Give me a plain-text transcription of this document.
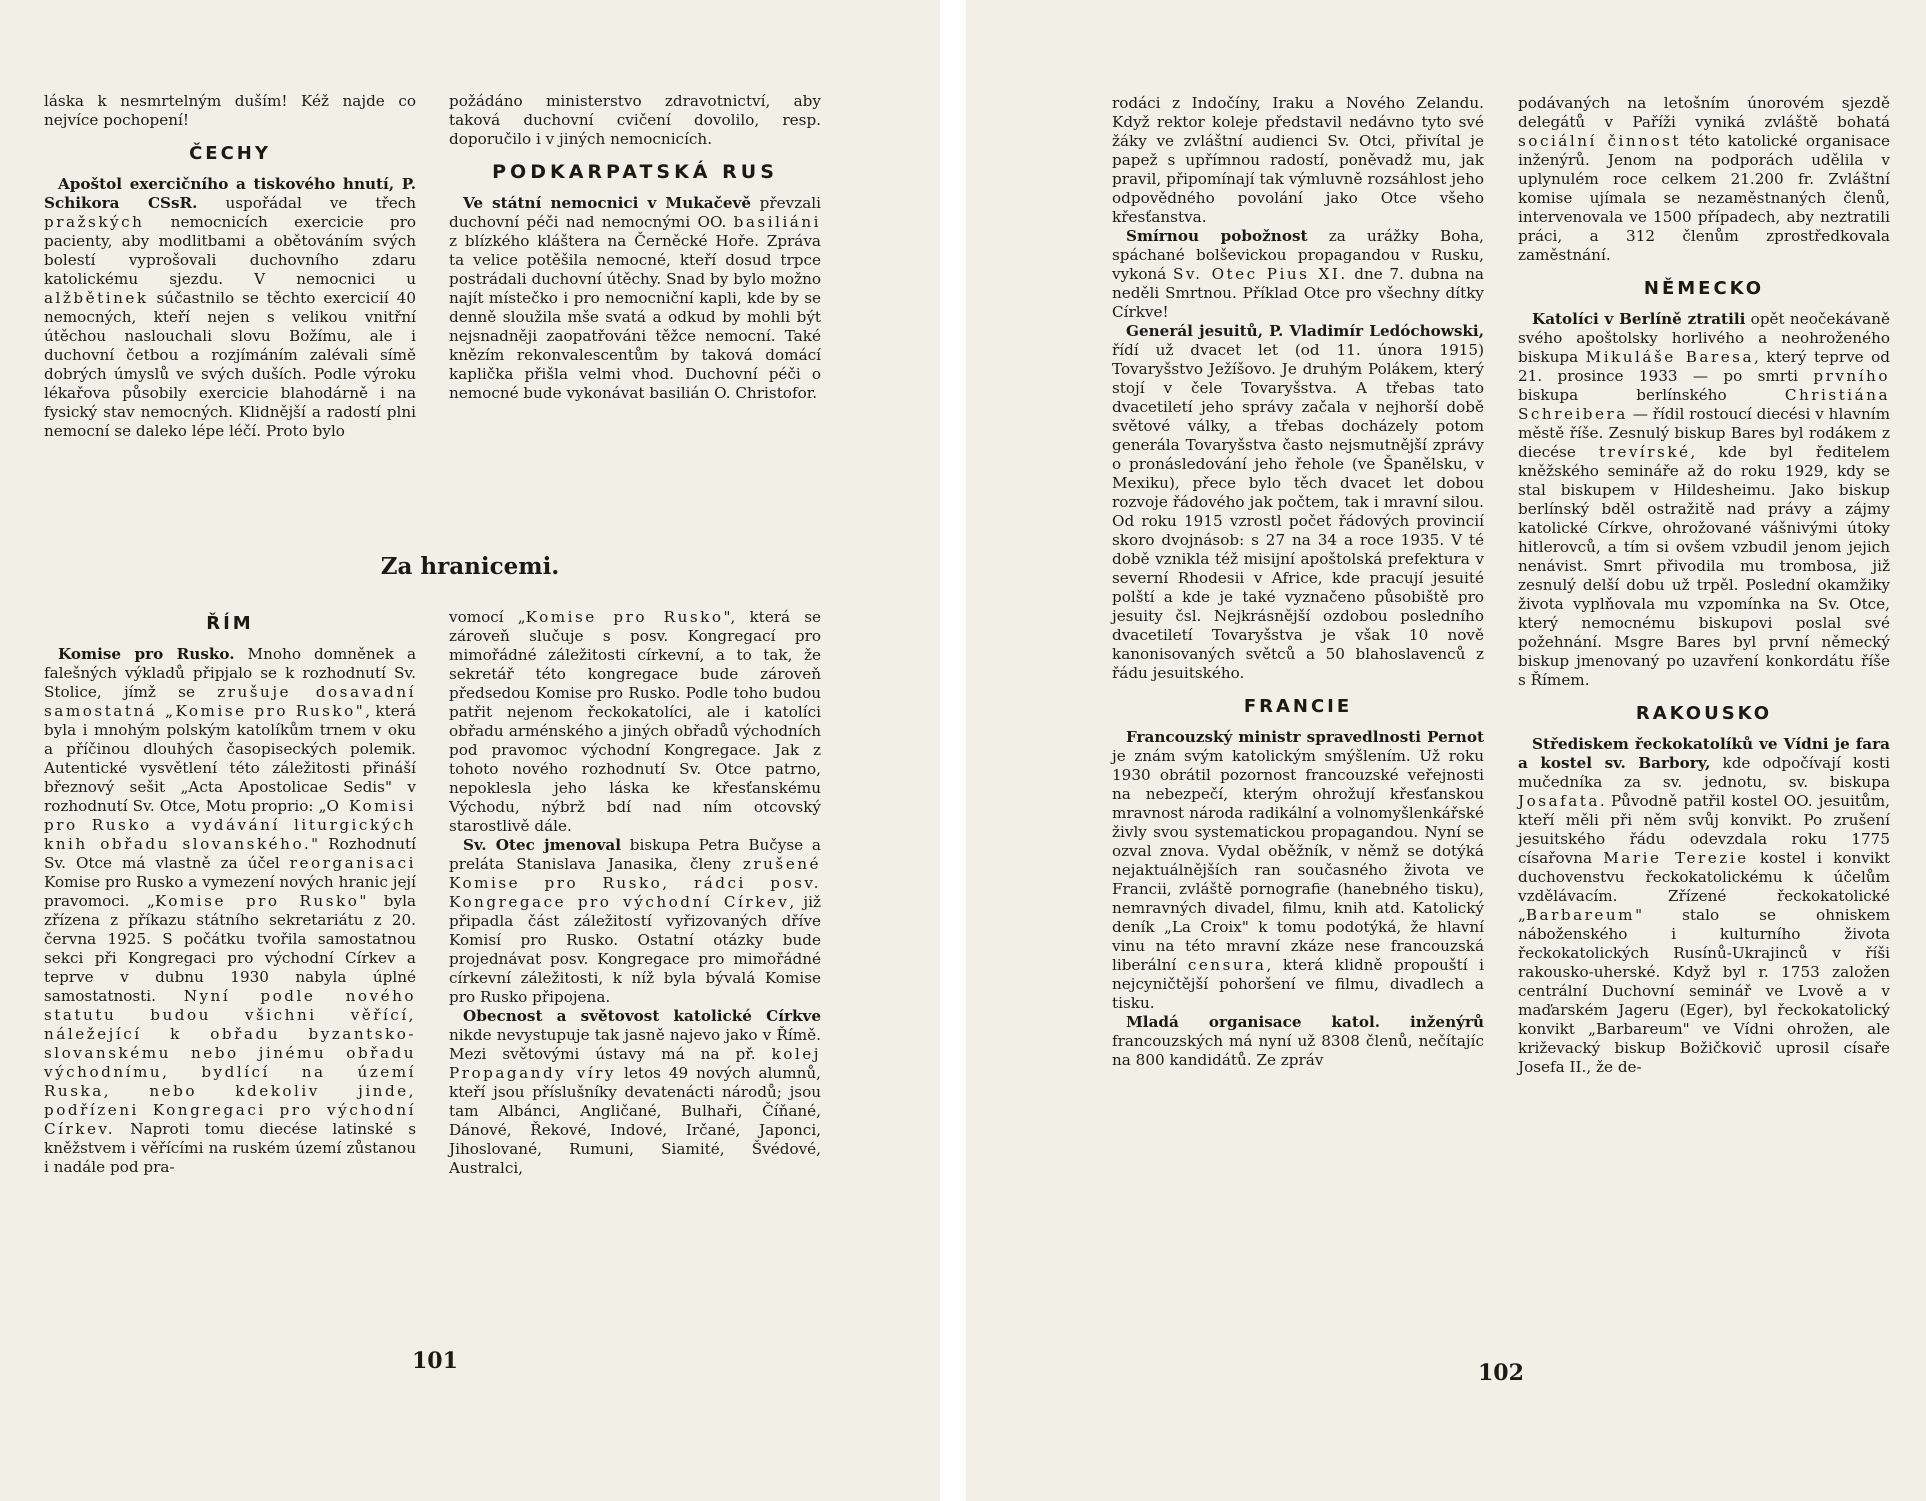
láska k nesmrtelným duším! Kéž najde co nejvíce pochopení!

ČECHY

Apoštol exercičního a tiskového hnutí, P. Schikora CSsR. uspořádal ve třech pražských nemocnicích exercicie pro pacienty, aby modlitbami a obětováním svých bolestí vyprošovali duchovního zdaru katolickému sjezdu. V nemocnici u alžbětinek súčastnilo se těchto exercicií 40 nemocných, kteří nejen s velikou vnitřní útěchou naslouchali slovu Božímu, ale i duchovní četbou a rozjímáním zalévali símě dobrých úmyslů ve svých duších. Podle výroku lékařova působily exercicie blahodárně i na fysický stav nemocných. Klidnější a radostí plni nemocní se daleko lépe léčí. Proto bylo

požádáno ministerstvo zdravotnictví, aby taková duchovní cvičení dovolilo, resp. doporučilo i v jiných nemocnicích.

PODKARPATSKÁ RUS

Ve státní nemocnici v Mukačevě převzali duchovní péči nad nemocnými OO. basiliáni z blízkého kláštera na Černěcké Hoře. Zpráva ta velice potěšila nemocné, kteří dosud trpce postrádali duchovní útěchy. Snad by bylo možno najít místečko i pro nemocniční kapli, kde by se denně sloužila mše svatá a odkud by mohli být nejsnadněji zaopatřováni těžce nemocní. Také knězím rekonvalescentům by taková domácí kaplička přišla velmi vhod. Duchovní péči o nemocné bude vykonávat basilián O. Christofor.

Za hranicemi.
ŘÍM

Komise pro Rusko. Mnoho domněnek a falešných výkladů připjalo se k rozhodnutí Sv. Stolice, jímž se zrušuje dosavadní samostatná „Komise pro Rusko", která byla i mnohým polským katolíkům trnem v oku a příčinou dlouhých časopiseckých polemik. Autentické vysvětlení této záležitosti přináší březnový sešit „Acta Apostolicae Sedis" v rozhodnutí Sv. Otce, Motu proprio: „O Komisi pro Rusko a vydávání liturgických knih obřadu slovanského." Rozhodnutí Sv. Otce má vlastně za účel reorganisaci Komise pro Rusko a vymezení nových hranic její pravomoci. „Komise pro Rusko" byla zřízena z příkazu státního sekretariátu z 20. června 1925. S počátku tvořila samostatnou sekci při Kongregaci pro východní Církev a teprve v dubnu 1930 nabyla úplné samostatnosti. Nyní podle nového statutu budou všichni věřící, náležející k obřadu byzantsko-slovanskému nebo jinému obřadu východnímu, bydlící na území Ruska, nebo kdekoliv jinde, podřízeni Kongregaci pro východní Církev. Naproti tomu diecése latinské s kněžstvem i věřícími na ruském území zůstanou i nadále pod pra-

vomocí „Komise pro Rusko", která se zároveň slučuje s posv. Kongregací pro mimořádné záležitosti církevní, a to tak, že sekretář této kongregace bude zároveň předsedou Komise pro Rusko. Podle toho budou patřit nejenom řeckokatolíci, ale i katolíci obřadu arménského a jiných obřadů východních pod pravomoc východní Kongregace. Jak z tohoto nového rozhodnutí Sv. Otce patrno, nepoklesla jeho láska ke křesťanskému Východu, nýbrž bdí nad ním otcovský starostlivě dále.

Sv. Otec jmenoval biskupa Petra Bučyse a preláta Stanislava Janasika, členy zrušené Komise pro Rusko, rádci posv. Kongregace pro východní Církev, již připadla část záležitostí vyřizovaných dříve Komisí pro Rusko. Ostatní otázky bude projednávat posv. Kongregace pro mimořádné církevní záležitosti, k níž byla bývalá Komise pro Rusko připojena.

Obecnost a světovost katolické Církve nikde nevystupuje tak jasně najevo jako v Římě. Mezi světovými ústavy má na př. kolej Propagandy víry letos 49 nových alumnů, kteří jsou příslušníky devatenácti národů; jsou tam Albánci, Angličané, Bulhaři, Číňané, Dánové, Řekové, Indové, Irčané, Japonci, Jihoslované, Rumuni, Siamité, Švédové, Australci,

101

rodáci z Indočíny, Iraku a Nového Zelandu. Když rektor koleje představil nedávno tyto své žáky ve zvláštní audienci Sv. Otci, přivítal je papež s upřímnou radostí, poněvadž mu, jak pravil, připomínají tak výmluvně rozsáhlost jeho odpovědného povolání jako Otce všeho křesťanstva.

Smírnou pobožnost za urážky Boha, spáchané bolševickou propagandou v Rusku, vykoná Sv. Otec Pius XI. dne 7. dubna na neděli Smrtnou. Příklad Otce pro všechny dítky Církve!

Generál jesuitů, P. Vladimír Ledóchowski, řídí už dvacet let (od 11. února 1915) Tovaryšstvo Ježíšovo. Je druhým Polákem, který stojí v čele Tovaryšstva. A třebas tato dvacetiletí jeho správy začala v nejhorší době světové války, a třebas docházely potom generála Tovaryšstva často nejsmutnější zprávy o pronásledování jeho řeholе (ve Španělsku, v Mexiku), přece bylo těch dvacet let dobou rozvoje řádového jak počtem, tak i mravní silou. Od roku 1915 vzrostl počet řádových provincií skoro dvojnásob: s 27 na 34 a roce 1935. V té době vznikla též misijní apoštolská prefektura v severní Rhodesii v Africe, kde pracují jesuité polští a kde je také vyznačeno působiště pro jesuity čsl. Nejkrásnější ozdobou posledního dvacetiletí Tovaryšstva je však 10 nově kanonisovaných světců a 50 blahoslavenců z řádu jesuitského.

FRANCIE

Francouzský ministr spravedlnosti Pernot je znám svým katolickým smýšlením. Už roku 1930 obrátil pozornost francouzské veřejnosti na nebezpečí, kterým ohrožují křesťanskou mravnost národa radikální a volnomyšlenkářské živly svou systematickou propagandou. Nyní se ozval znova. Vydal oběžník, v němž se dotýká nejaktuálnějších ran současného života ve Francii, zvláště pornografie (hanebného tisku), nemravných divadel, filmu, knih atd. Katolický deník „La Croix" k tomu podotýká, že hlavní vinu na této mravní zkáze nese francouzská liberální censura, která klidně propouští i nejcyničtější pohoršení ve filmu, divadlech a tisku.

Mladá organisace katol. inženýrů francouzských má nyní už 8308 členů, nečítajíc na 800 kandidátů. Ze zpráv

podávaných na letošním únorovém sjezdě delegátů v Paříži vyniká zvláště bohatá sociální činnost této katolické organisace inženýrů. Jenom na podporách udělila v uplynulém roce celkem 21.200 fr. Zvláštní komise ujímala se nezaměstnaných členů, intervenovala ve 1500 případech, aby neztratili práci, a 312 členům zprostředkovala zaměstnání.

NĚMECKO

Katolíci v Berlíně ztratili opět neočekávaně svého apoštolsky horlivého a neohroženého biskupa Mikuláše Baresa, který teprve od 21. prosince 1933 — po smrti prvního biskupa berlínského Christiána Schreibera — řídil rostoucí diecési v hlavním městě říše. Zesnulý biskup Bares byl rodákem z diecése trevírské, kde byl ředitelem kněžského semináře až do roku 1929, kdy se stal biskupem v Hildesheimu. Jako biskup berlínský bděl ostražitě nad právy a zájmy katolické Církve, ohrožované vášnivými útoky hitlerovců, a tím si ovšem vzbudil jenom jejich nenávist. Smrt přivodila mu trombosa, již zesnulý delší dobu už trpěl. Poslední okamžiky života vyplňovala mu vzpomínka na Sv. Otce, který nemocnému biskupovi poslal své požehnání. Msgre Bares byl první německý biskup jmenovaný po uzavření konkordátu říše s Římem.

RAKOUSKO

Střediskem řeckokatolíků ve Vídni je fara a kostel sv. Barbory, kde odpočívají kosti mučedníka za sv. jednotu, sv. biskupa Josafata. Původně patřil kostel OO. jesuitům, kteří měli při něm svůj konvikt. Po zrušení jesuitského řádu odevzdala roku 1775 císařovna Marie Terezie kostel i konvikt duchovenstvu řeckokatolickému k účelům vzdělávacím. Zřízené řeckokatolické „Barbareum" stalo se ohniskem náboženského i kulturního života řeckokatolických Rusínů-Ukrajinců v říši rakousko-uherské. Když byl r. 1753 založen centrální Duchovní seminář ve Lvově a v maďarském Jageru (Eger), byl řeckokatolický konvikt „Barbareum" ve Vídni ohrožen, ale križevacký biskup Božičkovič uprosil císaře Josefa II., že de-

102
